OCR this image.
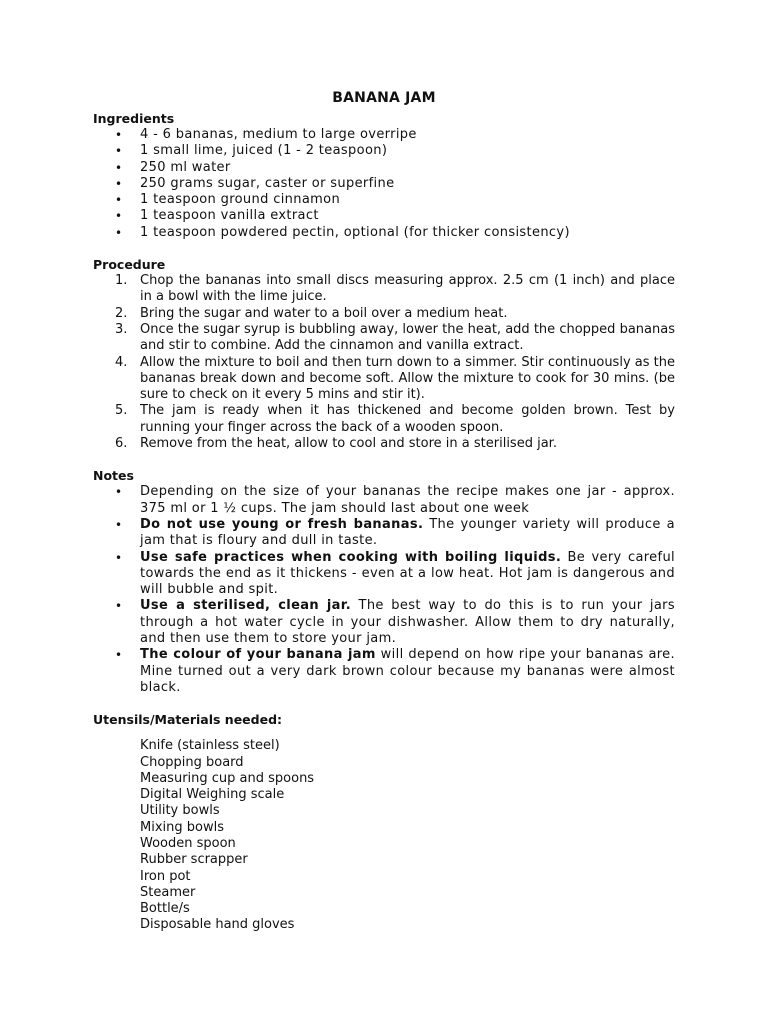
BANANA JAM
Ingredients
• 4 - 6 bananas, medium to large overripe
• 1 small lime, juiced (1 - 2 teaspoon)
• 250 ml water
• 250 grams sugar, caster or superfine
• 1 teaspoon ground cinnamon
• 1 teaspoon vanilla extract
• 1 teaspoon powdered pectin, optional (for thicker consistency)
Procedure
1. Chop the bananas into small discs measuring approx. 2.5 cm (1 inch) and place in a bowl with the lime juice.
2. Bring the sugar and water to a boil over a medium heat.
3. Once the sugar syrup is bubbling away, lower the heat, add the chopped bananas and stir to combine. Add the cinnamon and vanilla extract.
4. Allow the mixture to boil and then turn down to a simmer. Stir continuously as the bananas break down and become soft. Allow the mixture to cook for 30 mins. (be sure to check on it every 5 mins and stir it).
5. The jam is ready when it has thickened and become golden brown. Test by running your finger across the back of a wooden spoon.
6. Remove from the heat, allow to cool and store in a sterilised jar.
Notes
• Depending on the size of your bananas the recipe makes one jar - approx. 375 ml or 1 ½ cups. The jam should last about one week
• Do not use young or fresh bananas. The younger variety will produce a jam that is floury and dull in taste.
• Use safe practices when cooking with boiling liquids. Be very careful towards the end as it thickens - even at a low heat. Hot jam is dangerous and will bubble and spit.
• Use a sterilised, clean jar. The best way to do this is to run your jars through a hot water cycle in your dishwasher. Allow them to dry naturally, and then use them to store your jam.
• The colour of your banana jam will depend on how ripe your bananas are. Mine turned out a very dark brown colour because my bananas were almost black.
Utensils/Materials needed:
Knife (stainless steel)
Chopping board
Measuring cup and spoons
Digital Weighing scale
Utility bowls
Mixing bowls
Wooden spoon
Rubber scrapper
Iron pot
Steamer
Bottle/s
Disposable hand gloves
